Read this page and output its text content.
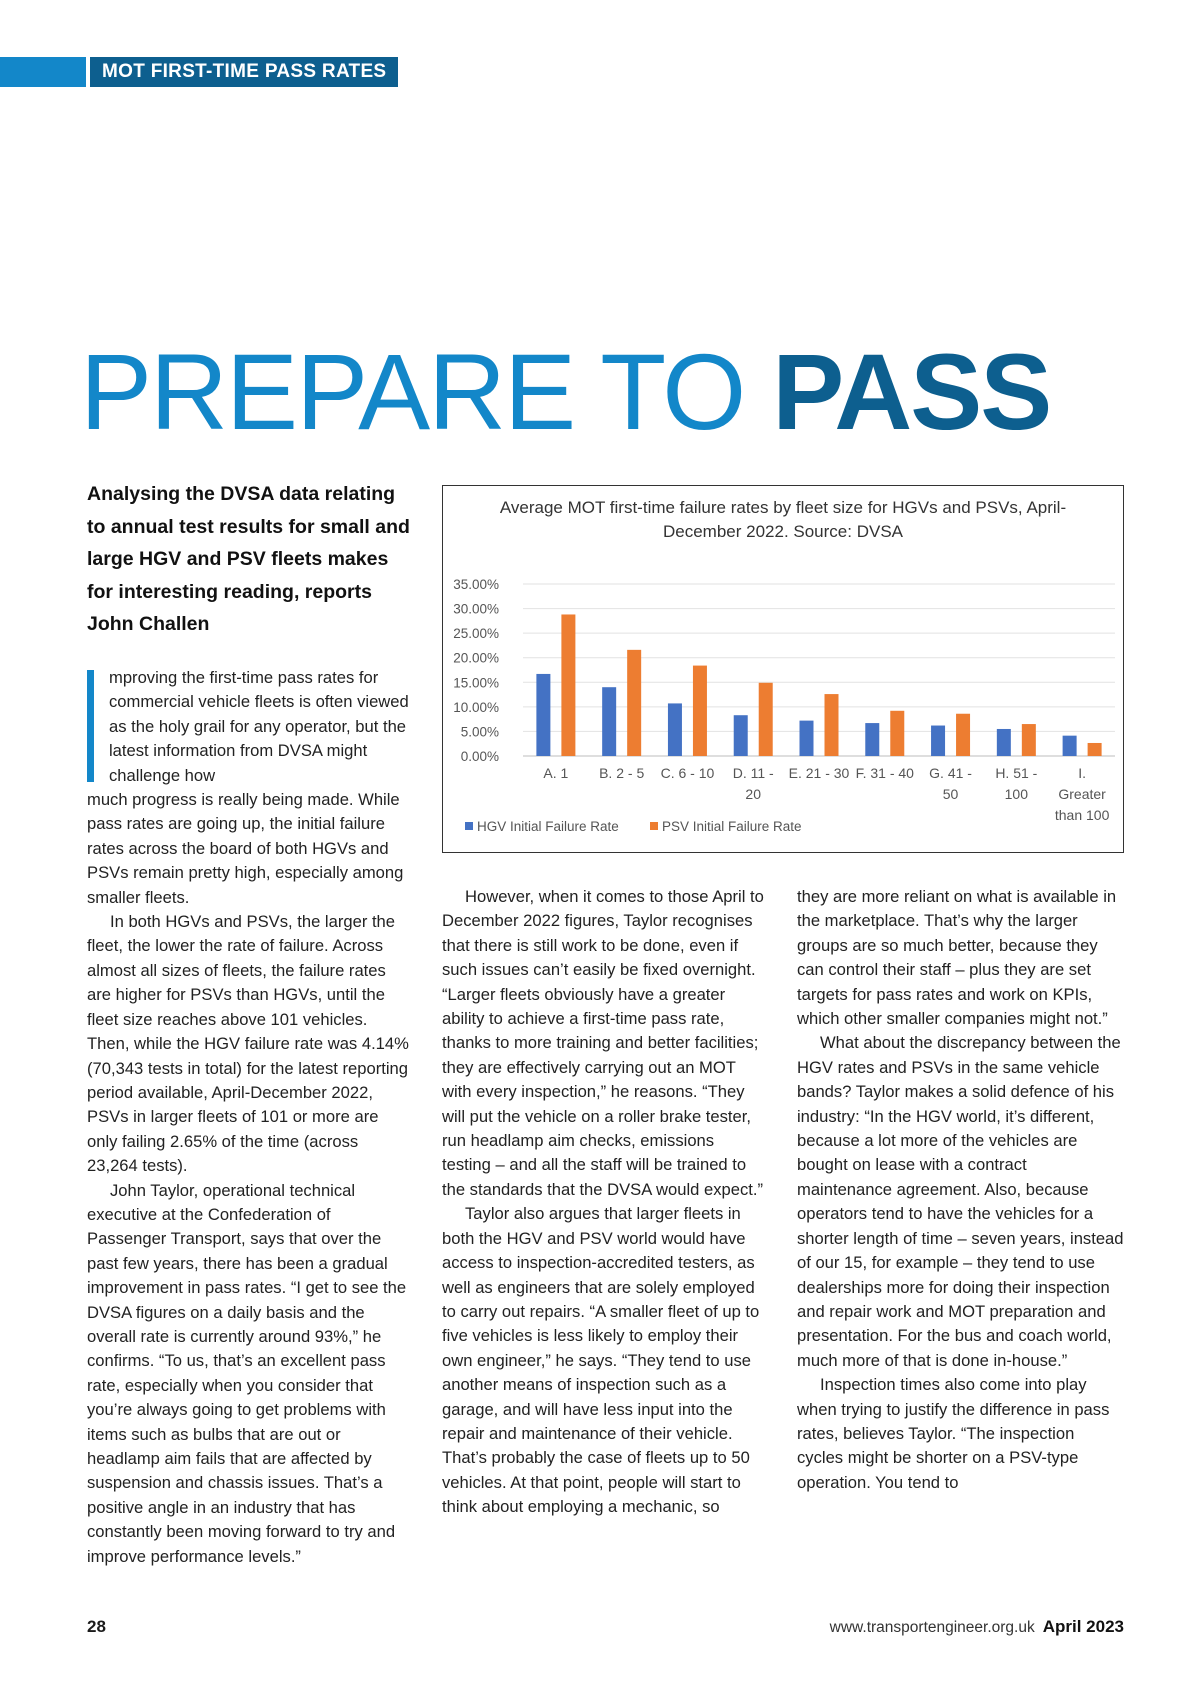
MOT FIRST-TIME PASS RATES
PREPARE TO PASS
Analysing the DVSA data relating to annual test results for small and large HGV and PSV fleets makes for interesting reading, reports John Challen

mproving the first-time pass rates for commercial vehicle fleets is often viewed as the holy grail for any operator, but the latest information from DVSA might challenge how

much progress is really being made. While pass rates are going up, the initial failure rates across the board of both HGVs and PSVs remain pretty high, especially among smaller fleets.

In both HGVs and PSVs, the larger the fleet, the lower the rate of failure. Across almost all sizes of fleets, the failure rates are higher for PSVs than HGVs, until the fleet size reaches above 101 vehicles. Then, while the HGV failure rate was 4.14% (70,343 tests in total) for the latest reporting period available, April-December 2022, PSVs in larger fleets of 101 or more are only failing 2.65% of the time (across 23,264 tests).

John Taylor, operational technical executive at the Confederation of Passenger Transport, says that over the past few years, there has been a gradual improvement in pass rates. “I get to see the DVSA figures on a daily basis and the overall rate is currently around 93%,” he confirms. “To us, that’s an excellent pass rate, especially when you consider that you’re always going to get problems with items such as bulbs that are out or headlamp aim fails that are affected by suspension and chassis issues. That’s a positive angle in an industry that has constantly been moving forward to try and improve performance levels.”

Average MOT first-time failure rates by fleet size for HGVs and PSVs, April-December 2022. Source: DVSA
35.00%
30.00%
25.00%
20.00%
15.00%
10.00%
5.00%
0.00%
A. 1 B. 2 - 5 C. 6 - 10 D. 11 -
20
E. 21 - 30 F. 31 - 40 G. 41 -
50
H. 51 -
100
I.
Greater
than 100
HGV Initial Failure Rate	PSV Initial Failure Rate

However, when it comes to those April to December 2022 figures, Taylor recognises that there is still work to be done, even if such issues can’t easily be fixed overnight. “Larger fleets obviously have a greater ability to achieve a first-time pass rate, thanks to more training and better facilities; they are effectively carrying out an MOT with every inspection,” he reasons. “They will put the vehicle on a roller brake tester, run headlamp aim checks, emissions testing – and all the staff will be trained to the standards that the DVSA would expect.”

Taylor also argues that larger fleets in both the HGV and PSV world would have access to inspection-accredited testers, as well as engineers that are solely employed to carry out repairs. “A smaller fleet of up to five vehicles is less likely to employ their own engineer,” he says. “They tend to use another means of inspection such as a garage, and will have less input into the repair and maintenance of their vehicle. That’s probably the case of fleets up to 50 vehicles. At that point, people will start to think about employing a mechanic, so

they are more reliant on what is available in the marketplace. That’s why the larger groups are so much better, because they can control their staff – plus they are set targets for pass rates and work on KPIs, which other smaller companies might not.”

What about the discrepancy between the HGV rates and PSVs in the same vehicle bands? Taylor makes a solid defence of his industry: “In the HGV world, it’s different, because a lot more of the vehicles are bought on lease with a contract maintenance agreement. Also, because operators tend to have the vehicles for a shorter length of time – seven years, instead of our 15, for example – they tend to use dealerships more for doing their inspection and repair work and MOT preparation and presentation. For the bus and coach world, much more of that is done in-house.”

Inspection times also come into play when trying to justify the difference in pass rates, believes Taylor. “The inspection cycles might be shorter on a PSV-type operation. You tend to

28	www.transportengineer.org.uk April 2023
